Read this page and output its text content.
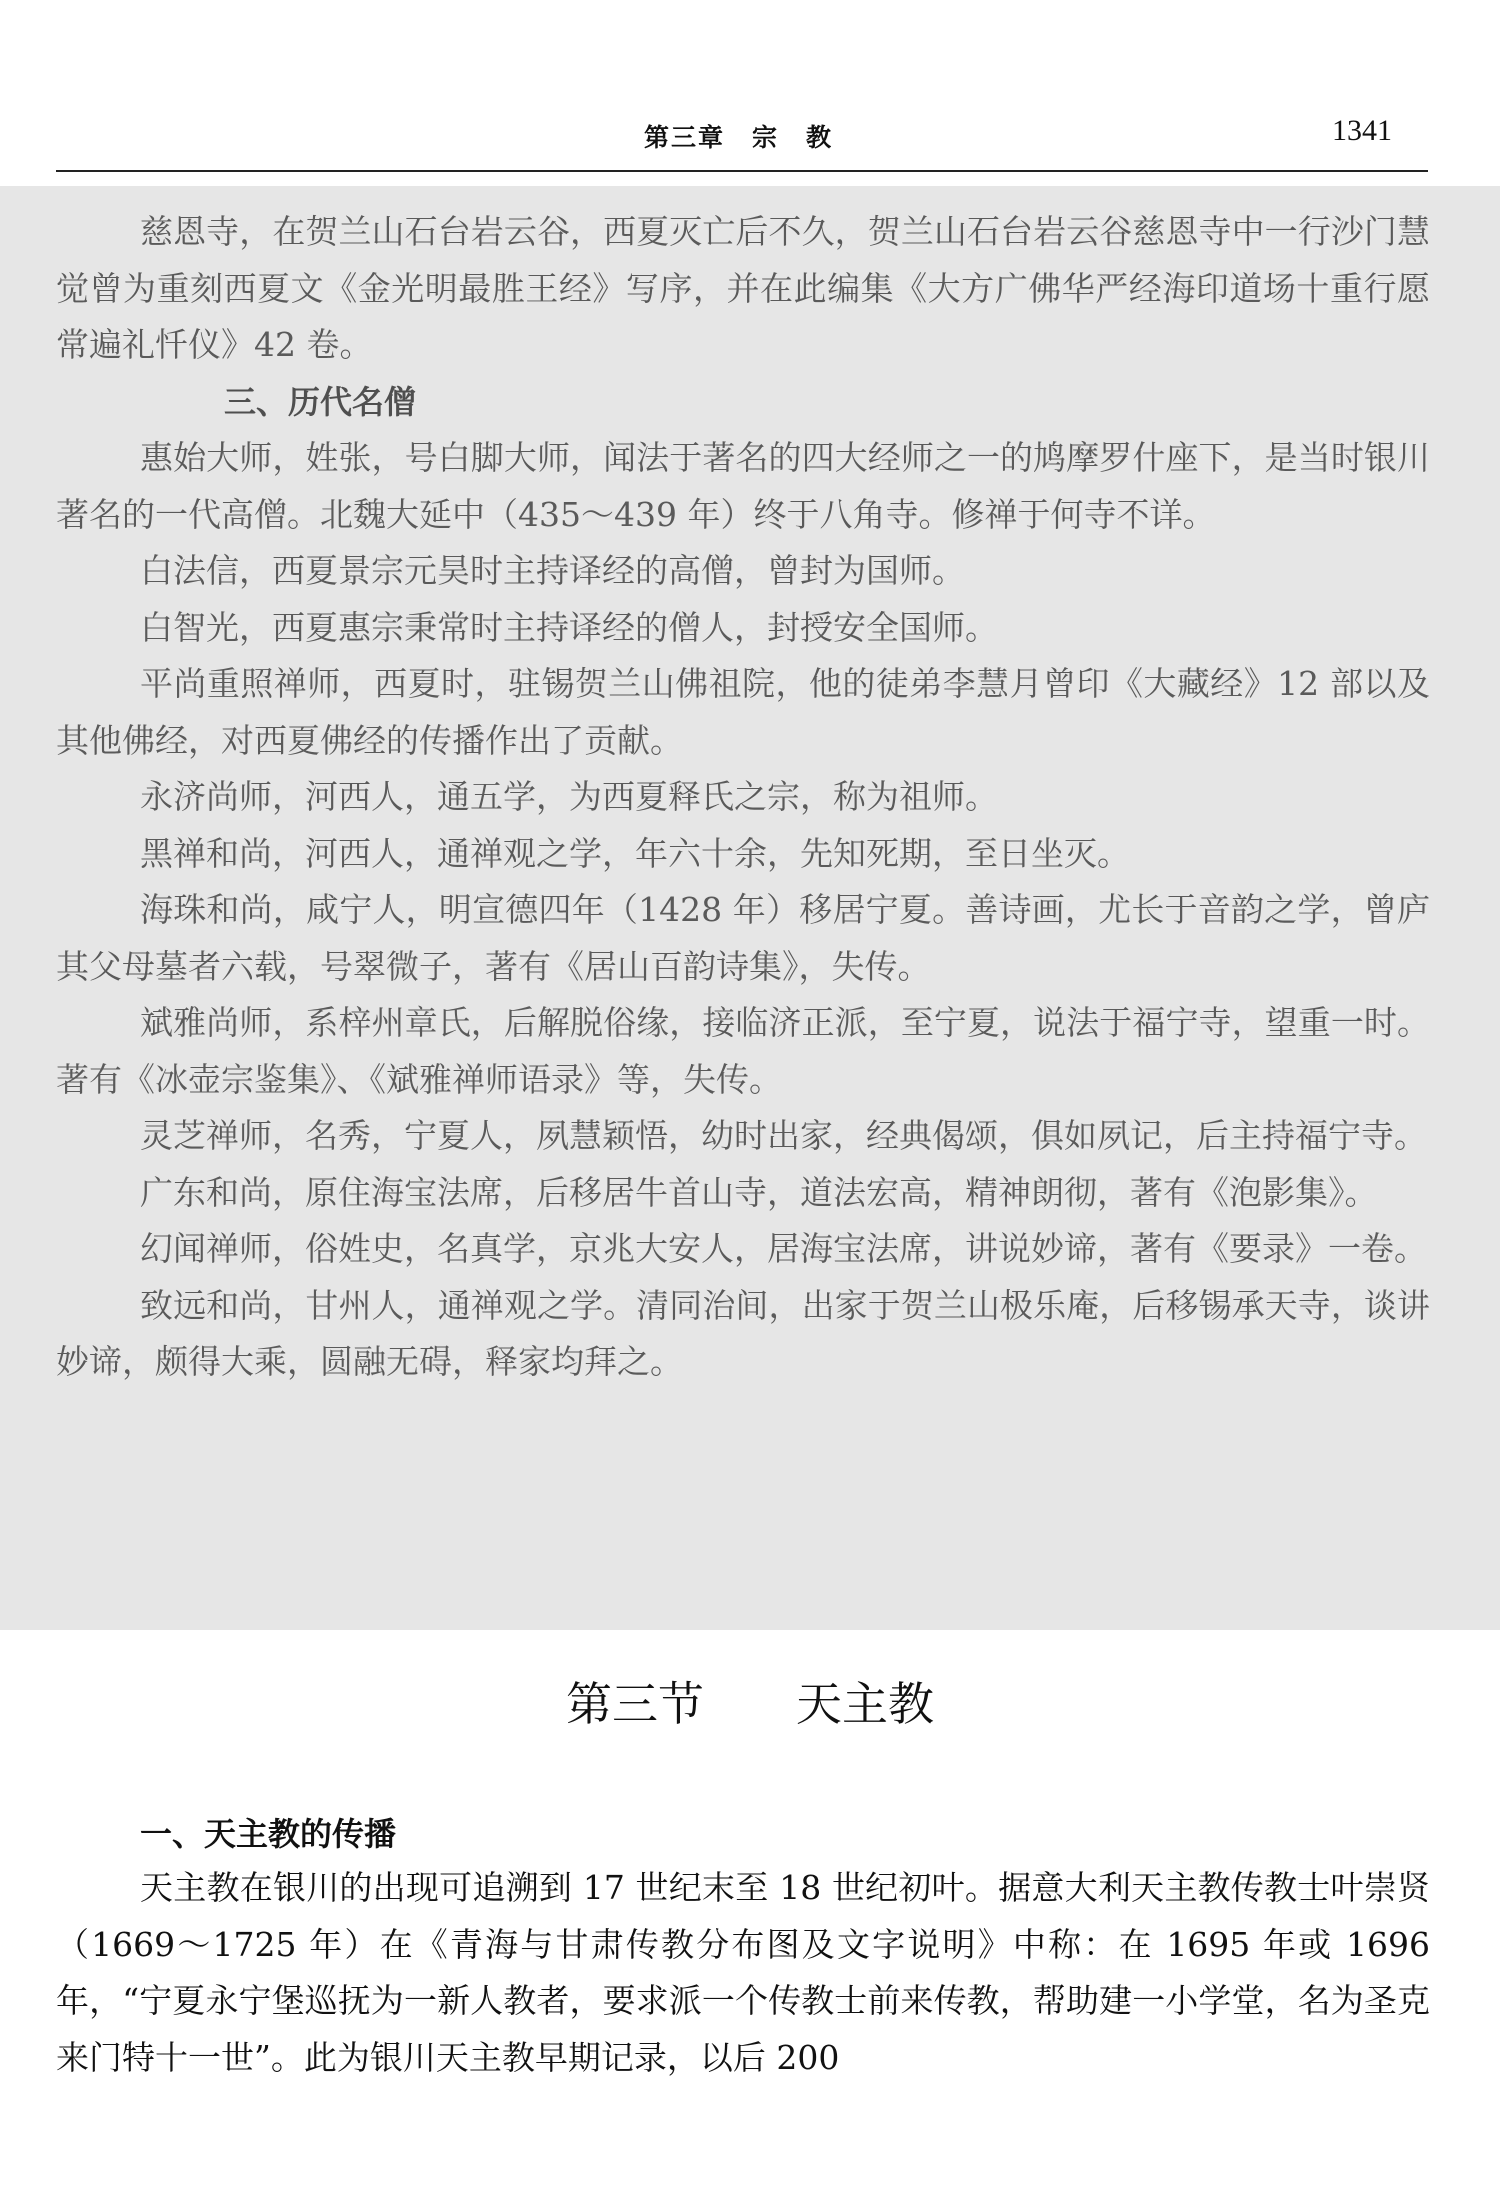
第三章　宗　教	1341

慈恩寺，在贺兰山石台岩云谷，西夏灭亡后不久，贺兰山石台岩云谷慈恩寺中一行沙门慧觉曾为重刻西夏文《金光明最胜王经》写序，并在此编集《大方广佛华严经海印道场十重行愿常遍礼忏仪》42 卷。

三、历代名僧

惠始大师，姓张，号白脚大师，闻法于著名的四大经师之一的鸠摩罗什座下，是当时银川著名的一代高僧。北魏大延中（435～439 年）终于八角寺。修禅于何寺不详。

白法信，西夏景宗元昊时主持译经的高僧，曾封为国师。

白智光，西夏惠宗秉常时主持译经的僧人，封授安全国师。

平尚重照禅师，西夏时，驻锡贺兰山佛祖院，他的徒弟李慧月曾印《大藏经》12 部以及其他佛经，对西夏佛经的传播作出了贡献。

永济尚师，河西人，通五学，为西夏释氏之宗，称为祖师。

黑禅和尚，河西人，通禅观之学，年六十余，先知死期，至日坐灭。

海珠和尚，咸宁人，明宣德四年（1428 年）移居宁夏。善诗画，尤长于音韵之学，曾庐其父母墓者六载，号翠微子，著有《居山百韵诗集》，失传。

斌雅尚师，系梓州章氏，后解脱俗缘，接临济正派，至宁夏，说法于福宁寺，望重一时。著有《冰壶宗鉴集》、《斌雅禅师语录》等，失传。

灵芝禅师，名秀，宁夏人，夙慧颖悟，幼时出家，经典偈颂，俱如夙记，后主持福宁寺。

广东和尚，原住海宝法席，后移居牛首山寺，道法宏高，精神朗彻，著有《泡影集》。

幻闻禅师，俗姓史，名真学，京兆大安人，居海宝法席，讲说妙谛，著有《要录》一卷。

致远和尚，甘州人，通禅观之学。清同治间，出家于贺兰山极乐庵，后移锡承天寺，谈讲妙谛，颇得大乘，圆融无碍，释家均拜之。

第三节　　天主教

一、天主教的传播

天主教在银川的出现可追溯到 17 世纪末至 18 世纪初叶。据意大利天主教传教士叶崇贤（1669～1725 年）在《青海与甘肃传教分布图及文字说明》中称：在 1695 年或 1696 年，“宁夏永宁堡巡抚为一新人教者，要求派一个传教士前来传教，帮助建一小学堂，名为圣克来门特十一世”。此为银川天主教早期记录，以后 200
